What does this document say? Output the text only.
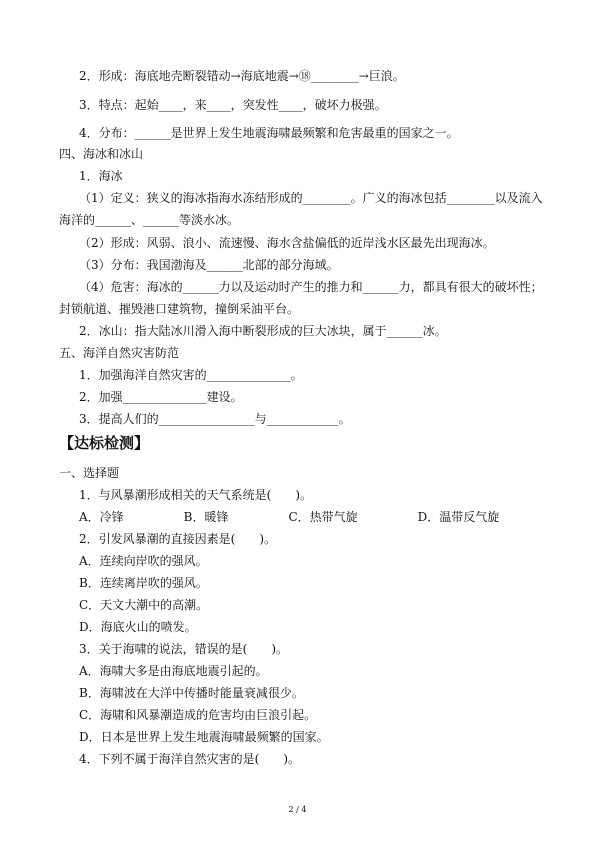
2．形成：海底地壳断裂错动→海底地震→⑱________→巨浪。
3．特点：起始____，来____，突发性____，破坏力极强。
4．分布：______是世界上发生地震海啸最频繁和危害最重的国家之一。
四、海冰和冰山
1．海冰
（1）定义：狭义的海冰指海水冻结形成的________。广义的海冰包括________以及流入
海洋的______、______等淡水冰。
（2）形成：风弱、浪小、流速慢、海水含盐偏低的近岸浅水区最先出现海冰。
（3）分布：我国渤海及______北部的部分海域。
（4）危害：海冰的______力以及运动时产生的推力和______力，都具有很大的破坏性；
封锁航道、摧毁港口建筑物，撞倒采油平台。
2．冰山：指大陆冰川滑入海中断裂形成的巨大冰块，属于______冰。
五、海洋自然灾害防范
1．加强海洋自然灾害的______________。
2．加强______________建设。
3．提高人们的________________与____________。
【达标检测】
一、选择题
1．与风暴潮形成相关的天气系统是(　　)。
A．冷锋　　　　　B．暖锋　　　　　C．热带气旋　　　　　D．温带反气旋
2．引发风暴潮的直接因素是(　　)。
A．连续向岸吹的强风。
B．连续离岸吹的强风。
C．天文大潮中的高潮。
D．海底火山的喷发。
3．关于海啸的说法，错误的是(　　)。
A．海啸大多是由海底地震引起的。
B．海啸波在大洋中传播时能量衰减很少。
C．海啸和风暴潮造成的危害均由巨浪引起。
D．日本是世界上发生地震海啸最频繁的国家。
4．下列不属于海洋自然灾害的是(　　)。
2 / 4
